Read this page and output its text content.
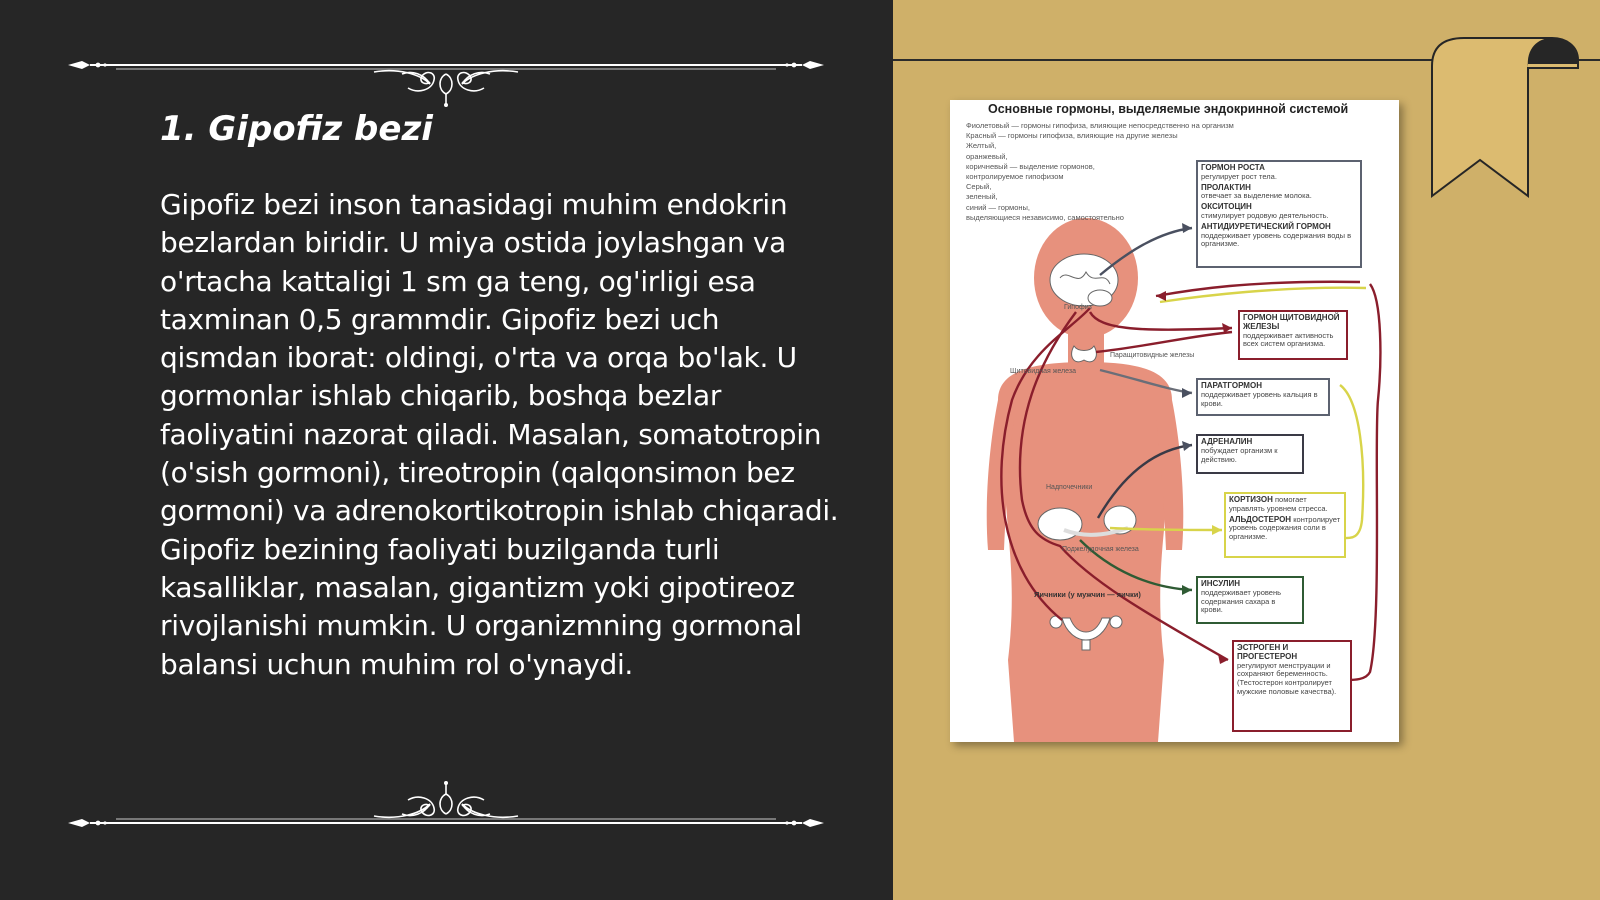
1. Gipofiz bezi

Gipofiz bezi inson tanasidagi muhim endokrin bezlardan biridir. U miya ostida joylashgan va o'rtacha kattaligi 1 sm ga teng, og'irligi esa taxminan 0,5 grammdir. Gipofiz bezi uch qismdan iborat: oldingi, o'rta va orqa bo'lak. U gormonlar ishlab chiqarib, boshqa bezlar faoliyatini nazorat qiladi. Masalan, somatotropin (o'sish gormoni), tireotropin (qalqonsimon bez gormoni) va adrenokortikotropin ishlab chiqaradi. Gipofiz bezining faoliyati buzilganda turli kasalliklar, masalan, gigantizm yoki gipotireoz rivojlanishi mumkin. U organizmning gormonal balansi uchun muhim rol o'ynaydi.

Основные гормоны, выделяемые эндокринной системой
Фиолетовый — гормоны гипофиза, влияющие непосредственно на организм
Красный — гормоны гипофиза, влияющие на другие железы
Желтый,
оранжевый,
коричневый — выделение гормонов,
контролируемое гипофизом
Серый,
зеленый,
синий — гормоны,
выделяющиеся независимо, самостоятельно
Гипофиз
Паращитовидные железы
Щитовидная железа
Надпочечники
Поджелудочная железа
Яичники (у мужчин — яички)

ГОРМОН РОСТА
регулирует рост тела.

ПРОЛАКТИН
отвечает за выделение молока.

ОКСИТОЦИН
стимулирует родовую деятельность.

АНТИДИУРЕТИЧЕСКИЙ ГОРМОН
поддерживает уровень содержания воды в организме.

ГОРМОН ЩИТОВИДНОЙ ЖЕЛЕЗЫ
поддерживает активность всех систем организма.

ПАРАТГОРМОН
поддерживает уровень кальция в крови.

АДРЕНАЛИН
побуждает организм к действию.

КОРТИЗОН помогает управлять уровнем стресса.

АЛЬДОСТЕРОН контролирует уровень содержания соли в организме.

ИНСУЛИН
поддерживает уровень содержания сахара в крови.

ЭСТРОГЕН И ПРОГЕСТЕРОН
регулируют менструации и сохраняют беременность. (Тестостерон контролирует мужские половые качества).
